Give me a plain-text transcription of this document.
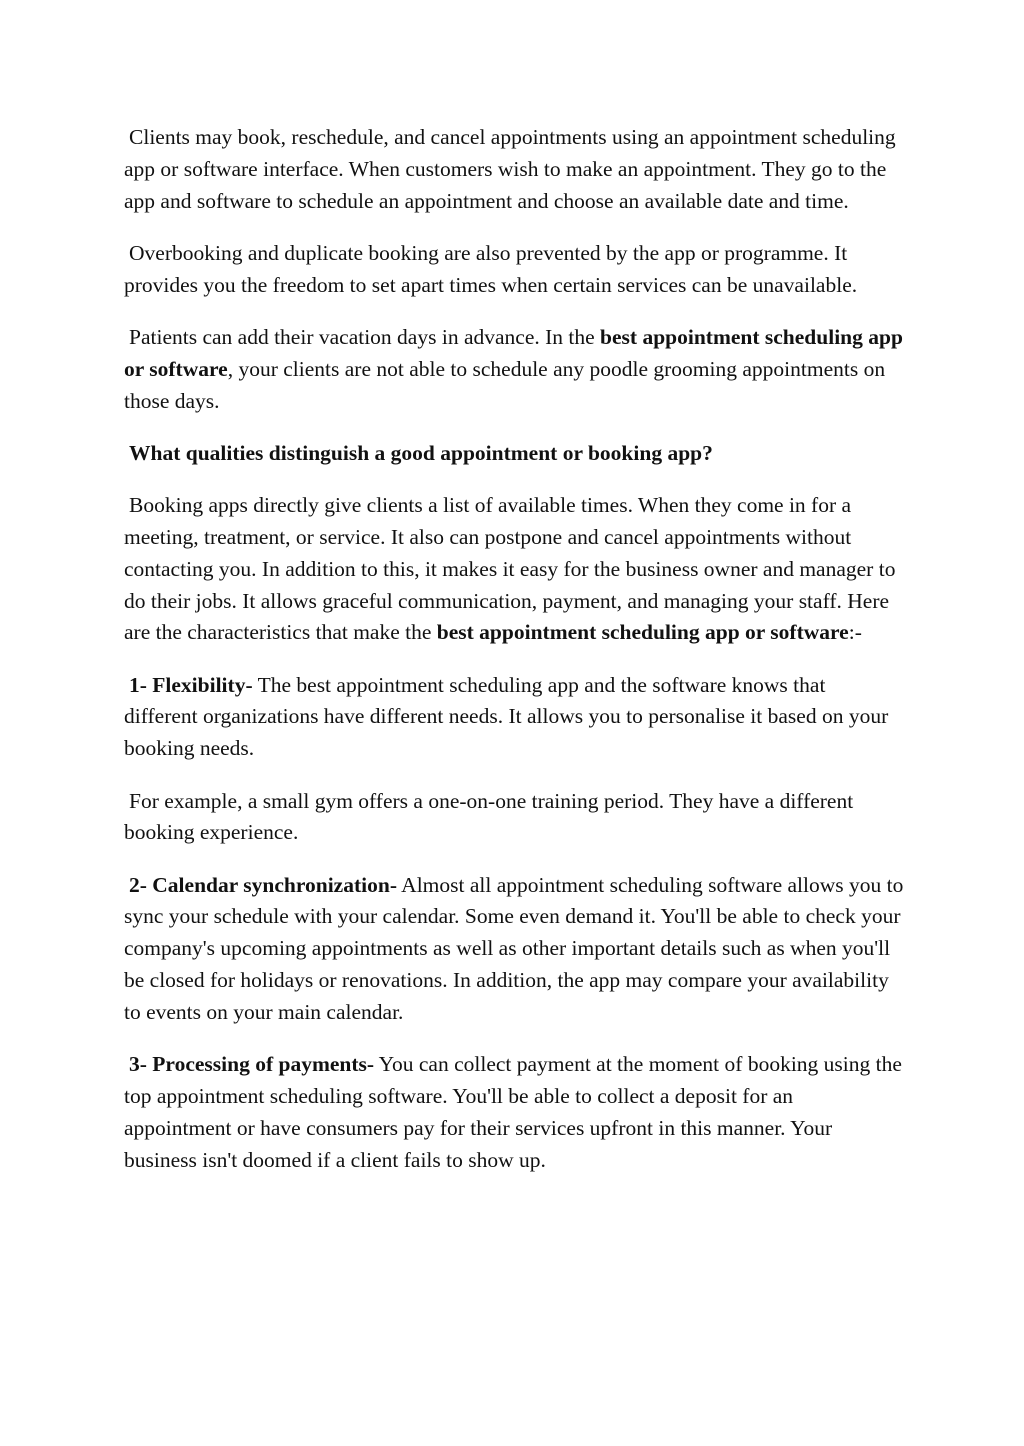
Clients may book, reschedule, and cancel appointments using an appointment scheduling app or software interface. When customers wish to make an appointment. They go to the app and software to schedule an appointment and choose an available date and time.

Overbooking and duplicate booking are also prevented by the app or programme. It provides you the freedom to set apart times when certain services can be unavailable.

Patients can add their vacation days in advance. In the best appointment scheduling app or software, your clients are not able to schedule any poodle grooming appointments on those days.

What qualities distinguish a good appointment or booking app?

Booking apps directly give clients a list of available times. When they come in for a meeting, treatment, or service. It also can postpone and cancel appointments without contacting you. In addition to this, it makes it easy for the business owner and manager to do their jobs. It allows graceful communication, payment, and managing your staff. Here are the characteristics that make the best appointment scheduling app or software:-

1- Flexibility- The best appointment scheduling app and the software knows that different organizations have different needs. It allows you to personalise it based on your booking needs.

For example, a small gym offers a one-on-one training period. They have a different booking experience.

2- Calendar synchronization- Almost all appointment scheduling software allows you to sync your schedule with your calendar. Some even demand it. You'll be able to check your company's upcoming appointments as well as other important details such as when you'll be closed for holidays or renovations. In addition, the app may compare your availability to events on your main calendar.

3- Processing of payments- You can collect payment at the moment of booking using the top appointment scheduling software. You'll be able to collect a deposit for an appointment or have consumers pay for their services upfront in this manner. Your business isn't doomed if a client fails to show up.
